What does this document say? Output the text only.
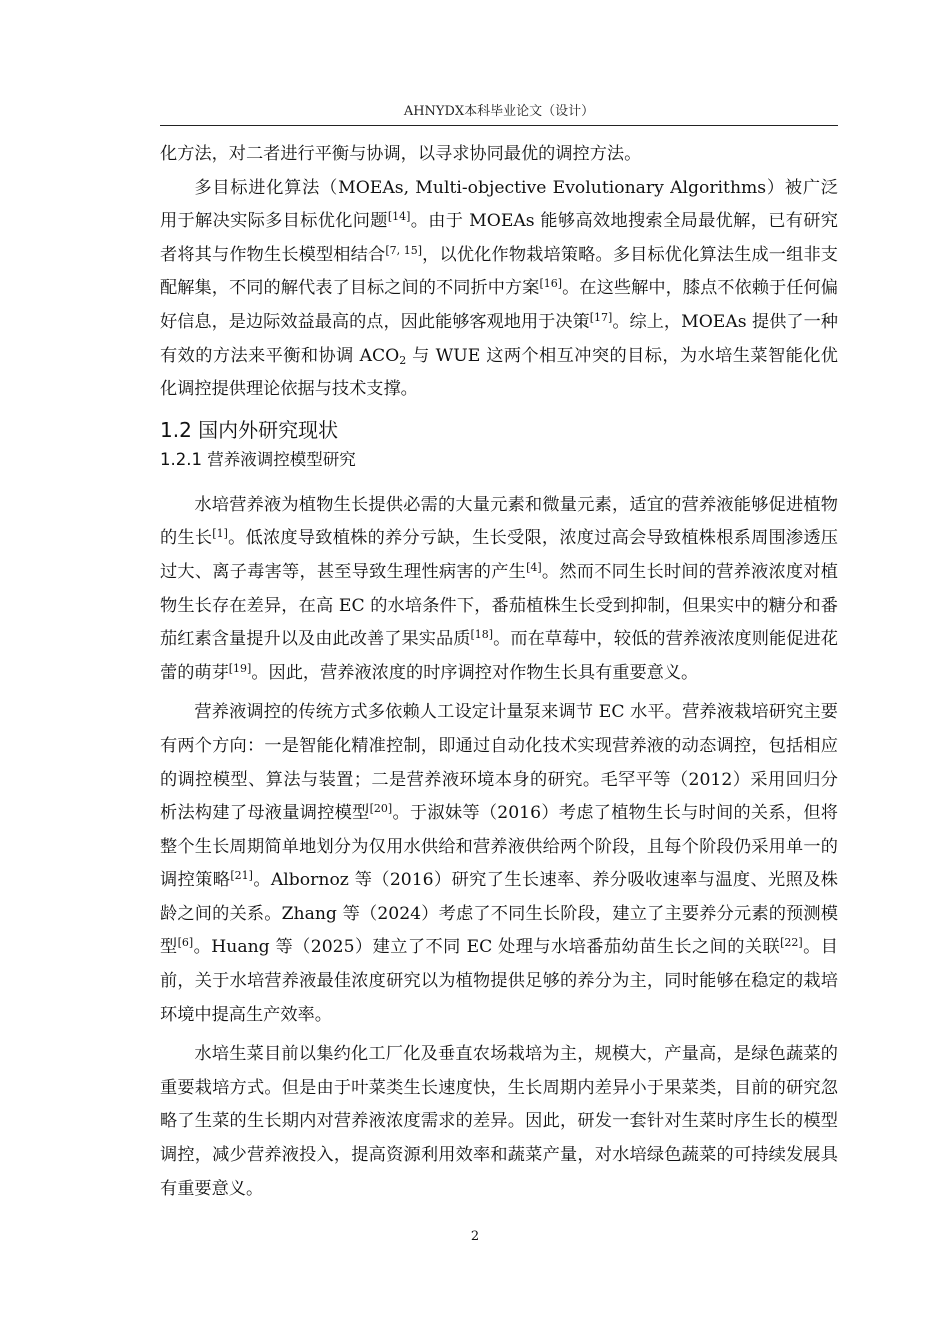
AHNYDX本科毕业论文（设计）

化方法，对二者进行平衡与协调，以寻求协同最优的调控方法。

多目标进化算法（MOEAs, Multi-objective Evolutionary Algorithms）被广泛用于解决实际多目标优化问题[14]。由于 MOEAs 能够高效地搜索全局最优解，已有研究者将其与作物生长模型相结合[7, 15]，以优化作物栽培策略。多目标优化算法生成一组非支配解集，不同的解代表了目标之间的不同折中方案[16]。在这些解中，膝点不依赖于任何偏好信息，是边际效益最高的点，因此能够客观地用于决策[17]。综上，MOEAs 提供了一种有效的方法来平衡和协调 $ACO_2$ 与 WUE 这两个相互冲突的目标，为水培生菜智能化优化调控提供理论依据与技术支撑。

1.2 国内外研究现状
1.2.1 营养液调控模型研究

水培营养液为植物生长提供必需的大量元素和微量元素，适宜的营养液能够促进植物的生长[1]。低浓度导致植株的养分亏缺，生长受限，浓度过高会导致植株根系周围渗透压过大、离子毒害等，甚至导致生理性病害的产生[4]。然而不同生长时间的营养液浓度对植物生长存在差异，在高 EC 的水培条件下，番茄植株生长受到抑制，但果实中的糖分和番茄红素含量提升以及由此改善了果实品质[18]。而在草莓中，较低的营养液浓度则能促进花蕾的萌芽[19]。因此，营养液浓度的时序调控对作物生长具有重要意义。

营养液调控的传统方式多依赖人工设定计量泵来调节 EC 水平。营养液栽培研究主要有两个方向：一是智能化精准控制，即通过自动化技术实现营养液的动态调控，包括相应的调控模型、算法与装置；二是营养液环境本身的研究。毛罕平等（2012）采用回归分析法构建了母液量调控模型[20]。于淑妹等（2016）考虑了植物生长与时间的关系，但将整个生长周期简单地划分为仅用水供给和营养液供给两个阶段，且每个阶段仍采用单一的调控策略[21]。Albornoz 等（2016）研究了生长速率、养分吸收速率与温度、光照及株龄之间的关系。Zhang 等（2024）考虑了不同生长阶段，建立了主要养分元素的预测模型[6]。Huang 等（2025）建立了不同 EC 处理与水培番茄幼苗生长之间的关联[22]。目前，关于水培营养液最佳浓度研究以为植物提供足够的养分为主，同时能够在稳定的栽培环境中提高生产效率。

水培生菜目前以集约化工厂化及垂直农场栽培为主，规模大，产量高，是绿色蔬菜的重要栽培方式。但是由于叶菜类生长速度快，生长周期内差异小于果菜类，目前的研究忽略了生菜的生长期内对营养液浓度需求的差异。因此，研发一套针对生菜时序生长的模型调控，减少营养液投入，提高资源利用效率和蔬菜产量，对水培绿色蔬菜的可持续发展具有重要意义。

2
